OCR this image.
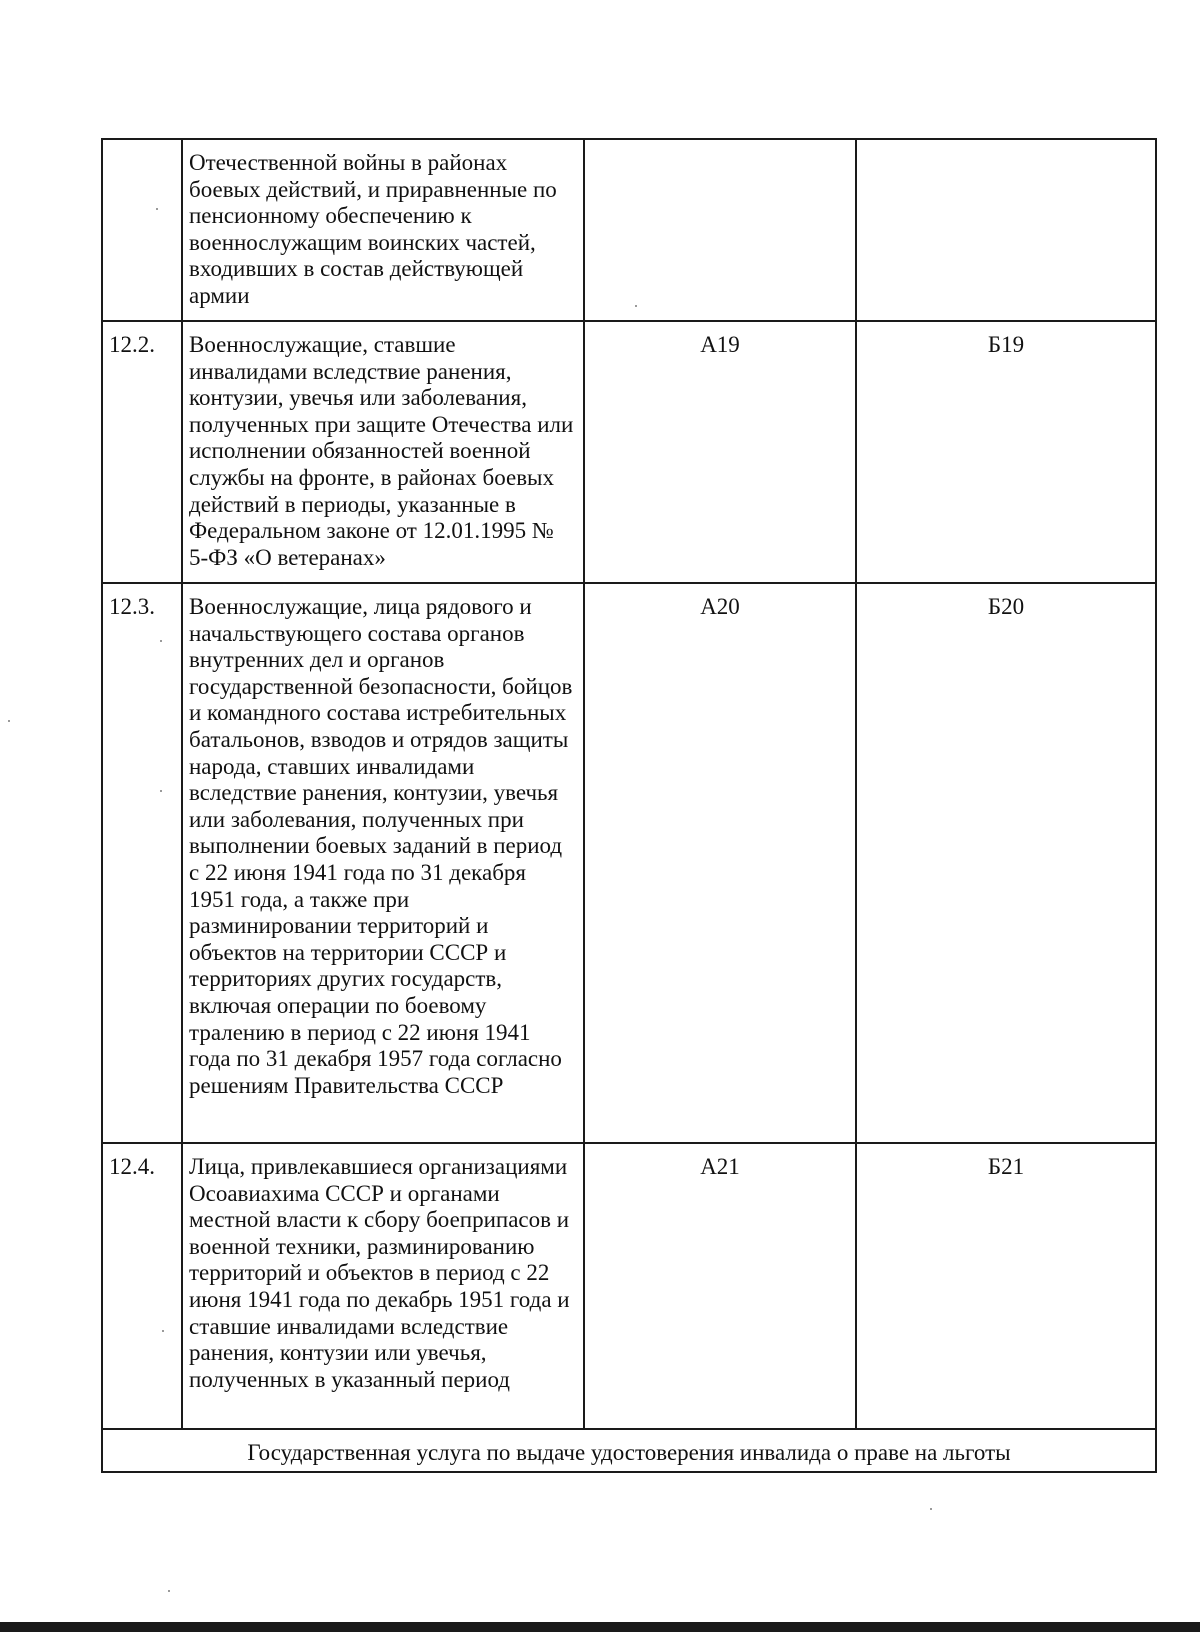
	Отечественной войны в районах боевых действий, и приравненные по пенсионному обеспечению к военнослужащим воинских частей, входивших в состав действующей армии		
12.2.	Военнослужащие, ставшие инвалидами вследствие ранения, контузии, увечья или заболевания, полученных при защите Отечества или исполнении обязанностей военной службы на фронте, в районах боевых действий в периоды, указанные в Федеральном законе от 12.01.1995 № 5-ФЗ «О ветеранах»	А19	Б19
12.3.	Военнослужащие, лица рядового и начальствующего состава органов внутренних дел и органов государственной безопасности, бойцов и командного состава истребительных батальонов, взводов и отрядов защиты народа, ставших инвалидами вследствие ранения, контузии, увечья или заболевания, полученных при выполнении боевых заданий в период с 22 июня 1941 года по 31 декабря 1951 года, а также при разминировании территорий и объектов на территории СССР и территориях других государств, включая операции по боевому тралению в период с 22 июня 1941 года по 31 декабря 1957 года согласно решениям Правительства СССР	А20	Б20
12.4.	Лица, привлекавшиеся организациями Осоавиахима СССР и органами местной власти к сбору боеприпасов и военной техники, разминированию территорий и объектов в период с 22 июня 1941 года по декабрь 1951 года и ставшие инвалидами вследствие ранения, контузии или увечья, полученных в указанный период	А21	Б21
Государственная услуга по выдаче удостоверения инвалида о праве на льготы			
